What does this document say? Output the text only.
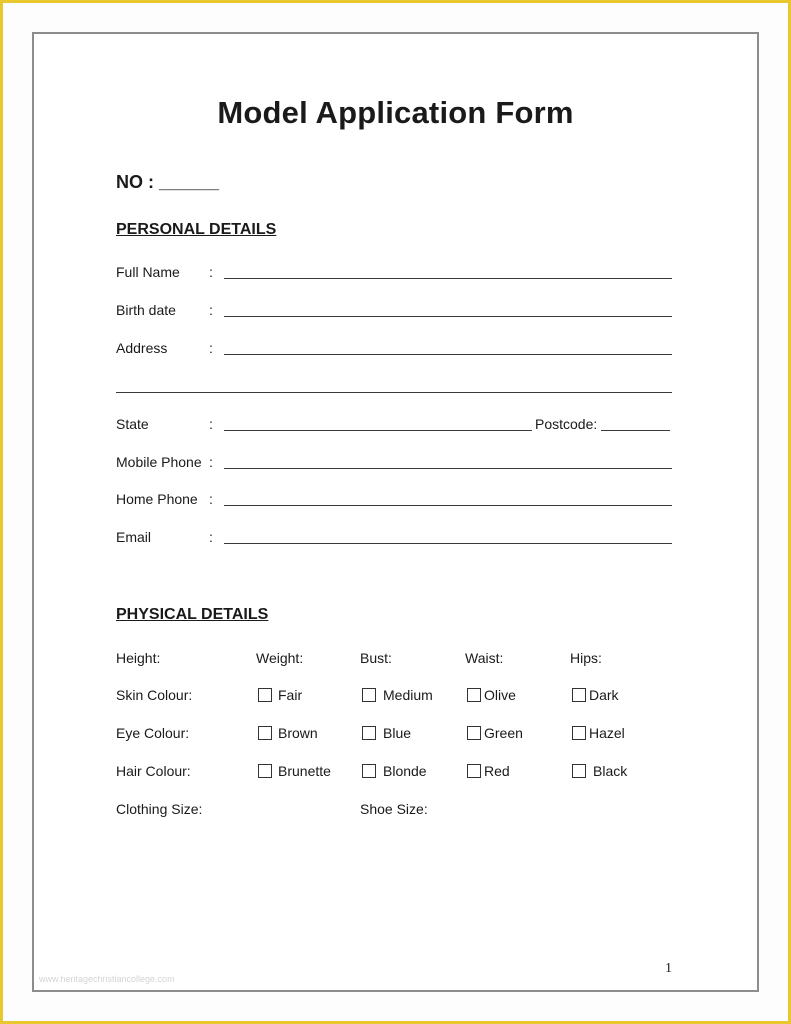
Model Application Form
NO : ______
PERSONAL DETAILS
Full Name :
Birth date :
Address	:
State	:	Postcode:
Mobile Phone :
Home Phone :
Email	:
PHYSICAL DETAILS
Height:	Weight:	Bust:	Waist:	Hips:
Skin Colour:	Fair	Medium	Olive	Dark
Eye Colour:	Brown	Blue	Green	Hazel
Hair Colour:	Brunette	Blonde	Red	Black
Clothing Size:	Shoe Size:
1
www.heritagechristiancollege.com
